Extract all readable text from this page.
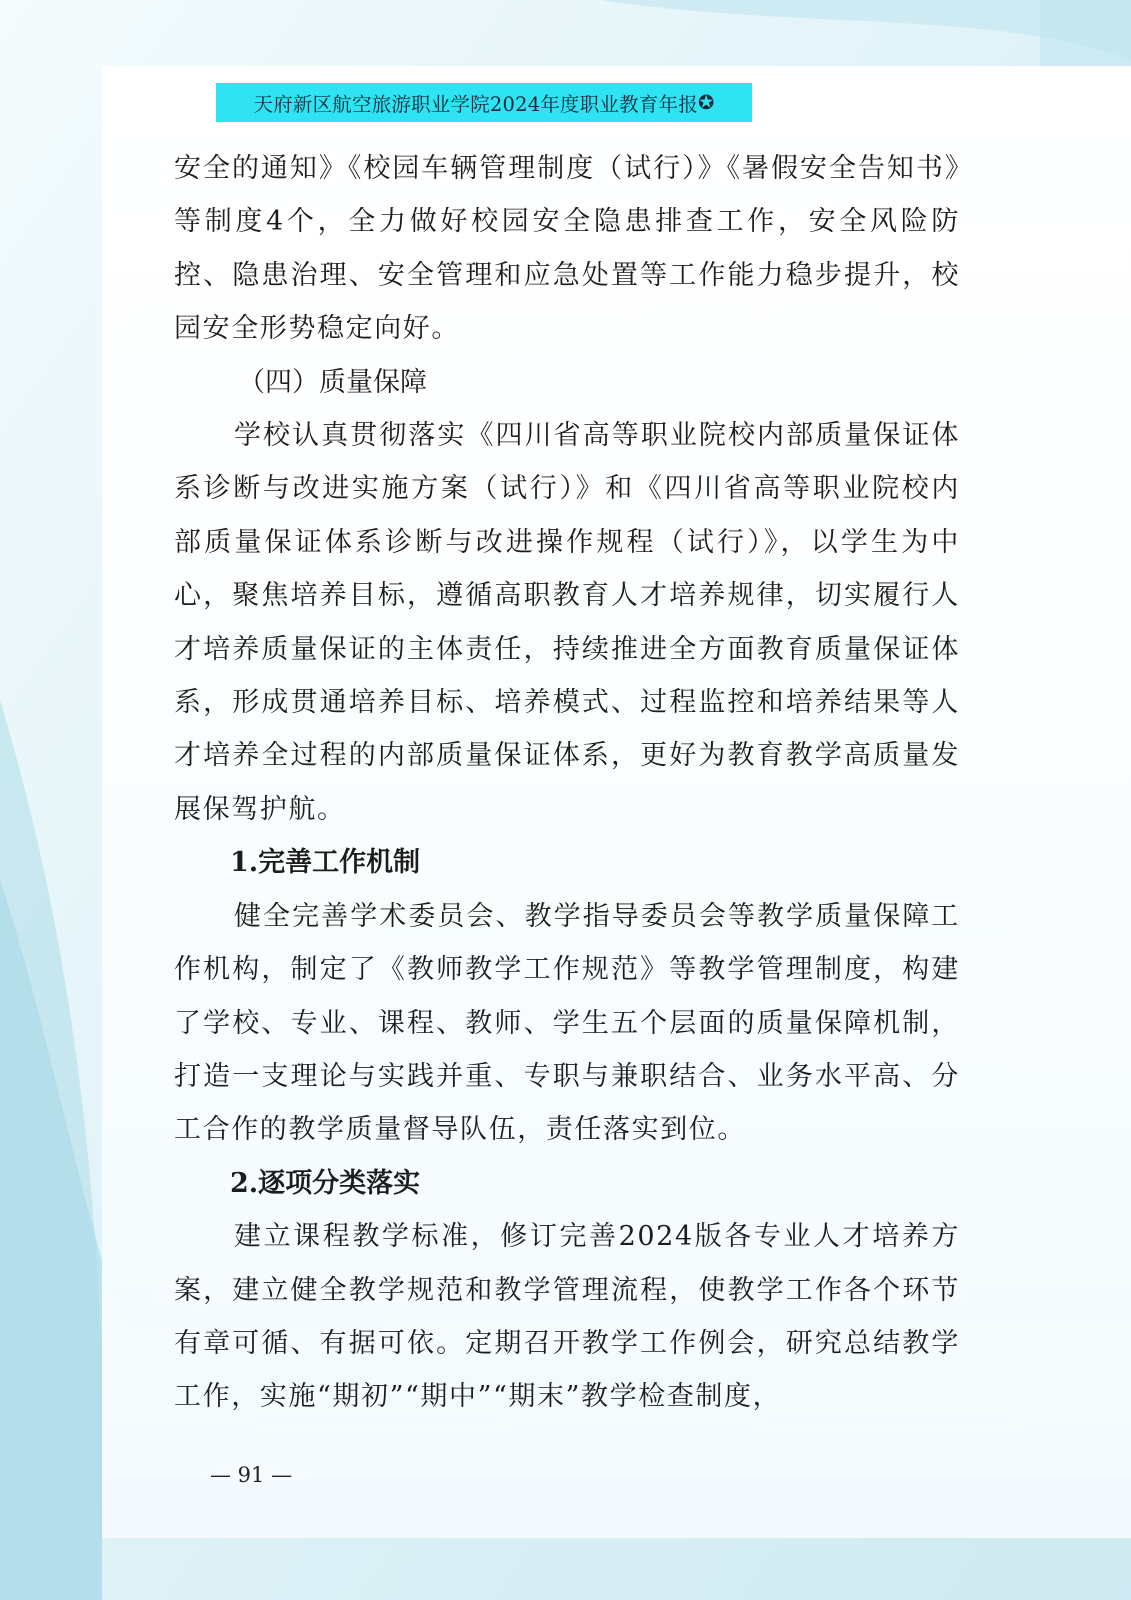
天府新区航空旅游职业学院2024年度职业教育年报 ✪

安全的通知》《校园车辆管理制度（试行）》《暑假安全告知书》等制度4个，全力做好校园安全隐患排查工作，安全风险防控、隐患治理、安全管理和应急处置等工作能力稳步提升，校园安全形势稳定向好。

（四）质量保障

学校认真贯彻落实《四川省高等职业院校内部质量保证体系诊断与改进实施方案（试行）》和《四川省高等职业院校内部质量保证体系诊断与改进操作规程（试行）》，以学生为中心，聚焦培养目标，遵循高职教育人才培养规律，切实履行人才培养质量保证的主体责任，持续推进全方面教育质量保证体系，形成贯通培养目标、培养模式、过程监控和培养结果等人才培养全过程的内部质量保证体系，更好为教育教学高质量发展保驾护航。

1.完善工作机制

健全完善学术委员会、教学指导委员会等教学质量保障工作机构，制定了《教师教学工作规范》等教学管理制度，构建了学校、专业、课程、教师、学生五个层面的质量保障机制，打造一支理论与实践并重、专职与兼职结合、业务水平高、分工合作的教学质量督导队伍，责任落实到位。

2.逐项分类落实

建立课程教学标准，修订完善2024版各专业人才培养方案，建立健全教学规范和教学管理流程，使教学工作各个环节有章可循、有据可依。定期召开教学工作例会，研究总结教学工作，实施“期初”“期中”“期末”教学检查制度，

— 91 —
